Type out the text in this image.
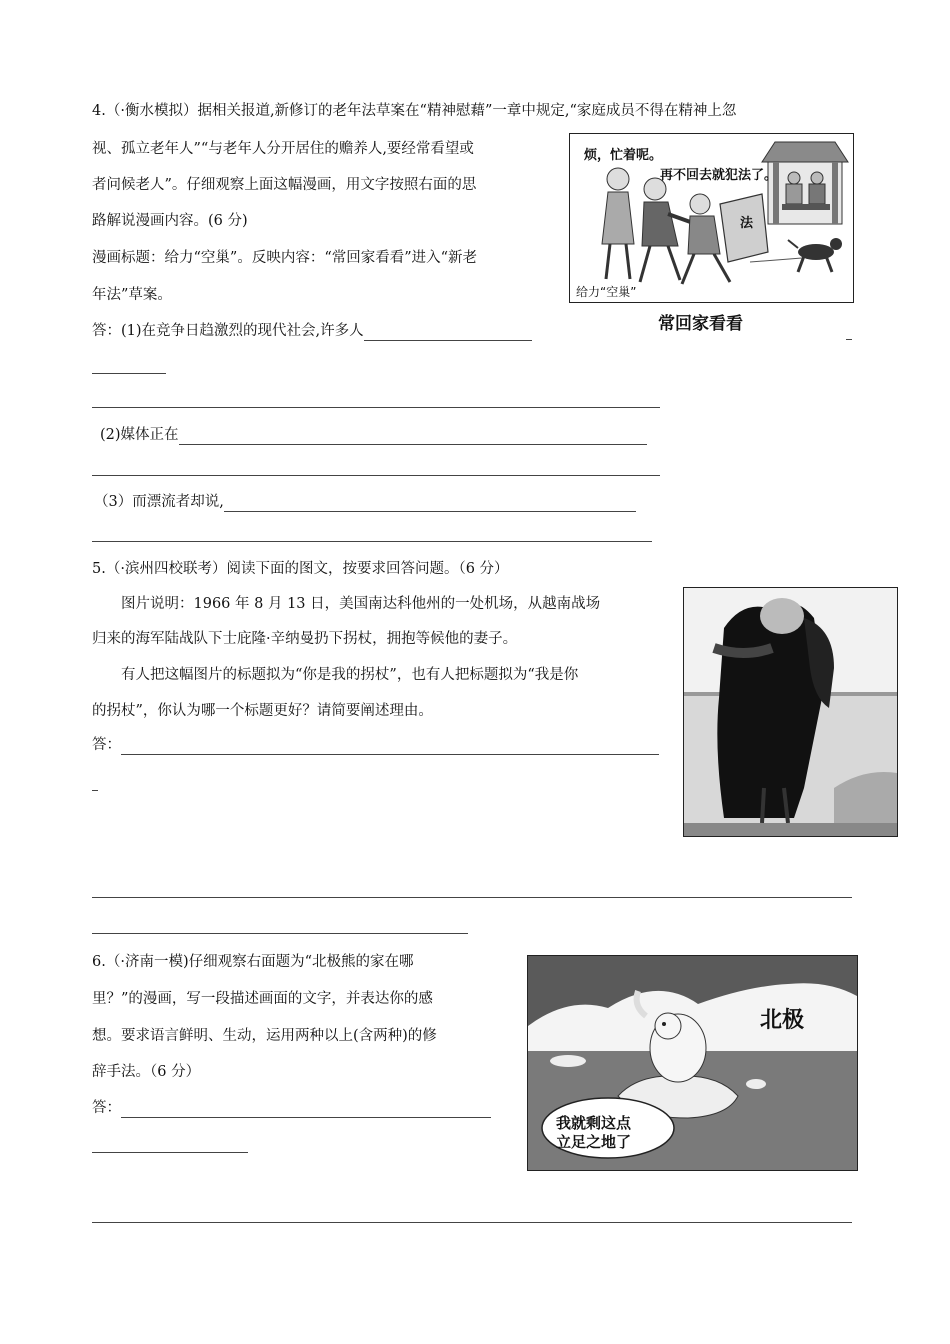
4.（·衡水模拟）据相关报道,新修订的老年法草案在“精神慰藉”一章中规定,“家庭成员不得在精神上忽
视、孤立老年人”“与老年人分开居住的赡养人,要经常看望或
者问候老人”。仔细观察上面这幅漫画，用文字按照右面的思
路解说漫画内容。(6 分)
漫画标题：给力“空巢”。反映内容：“常回家看看”进入“新老
年法”草案。
烦，忙着呢。
再不回去就犯法了。
法
给力“空巢”
常回家看看
答：(1)在竞争日趋激烈的现代社会,许多人
(2)媒体正在
（3）而漂流者却说,
5.（·滨州四校联考）阅读下面的图文，按要求回答问题。（6 分）
图片说明：1966 年 8 月 13 日，美国南达科他州的一处机场，从越南战场
归来的海军陆战队下士庇隆·辛纳曼扔下拐杖，拥抱等候他的妻子。
有人把这幅图片的标题拟为“你是我的拐杖”，也有人把标题拟为“我是你
的拐杖”，你认为哪一个标题更好？请简要阐述理由。
答：
6.（·济南一模)仔细观察右面题为“北极熊的家在哪
里？”的漫画，写一段描述画面的文字，并表达你的感
想。要求语言鲜明、生动，运用两种以上(含两种)的修
辞手法。（6 分）
北极
我就剩这点
立足之地了
答：
